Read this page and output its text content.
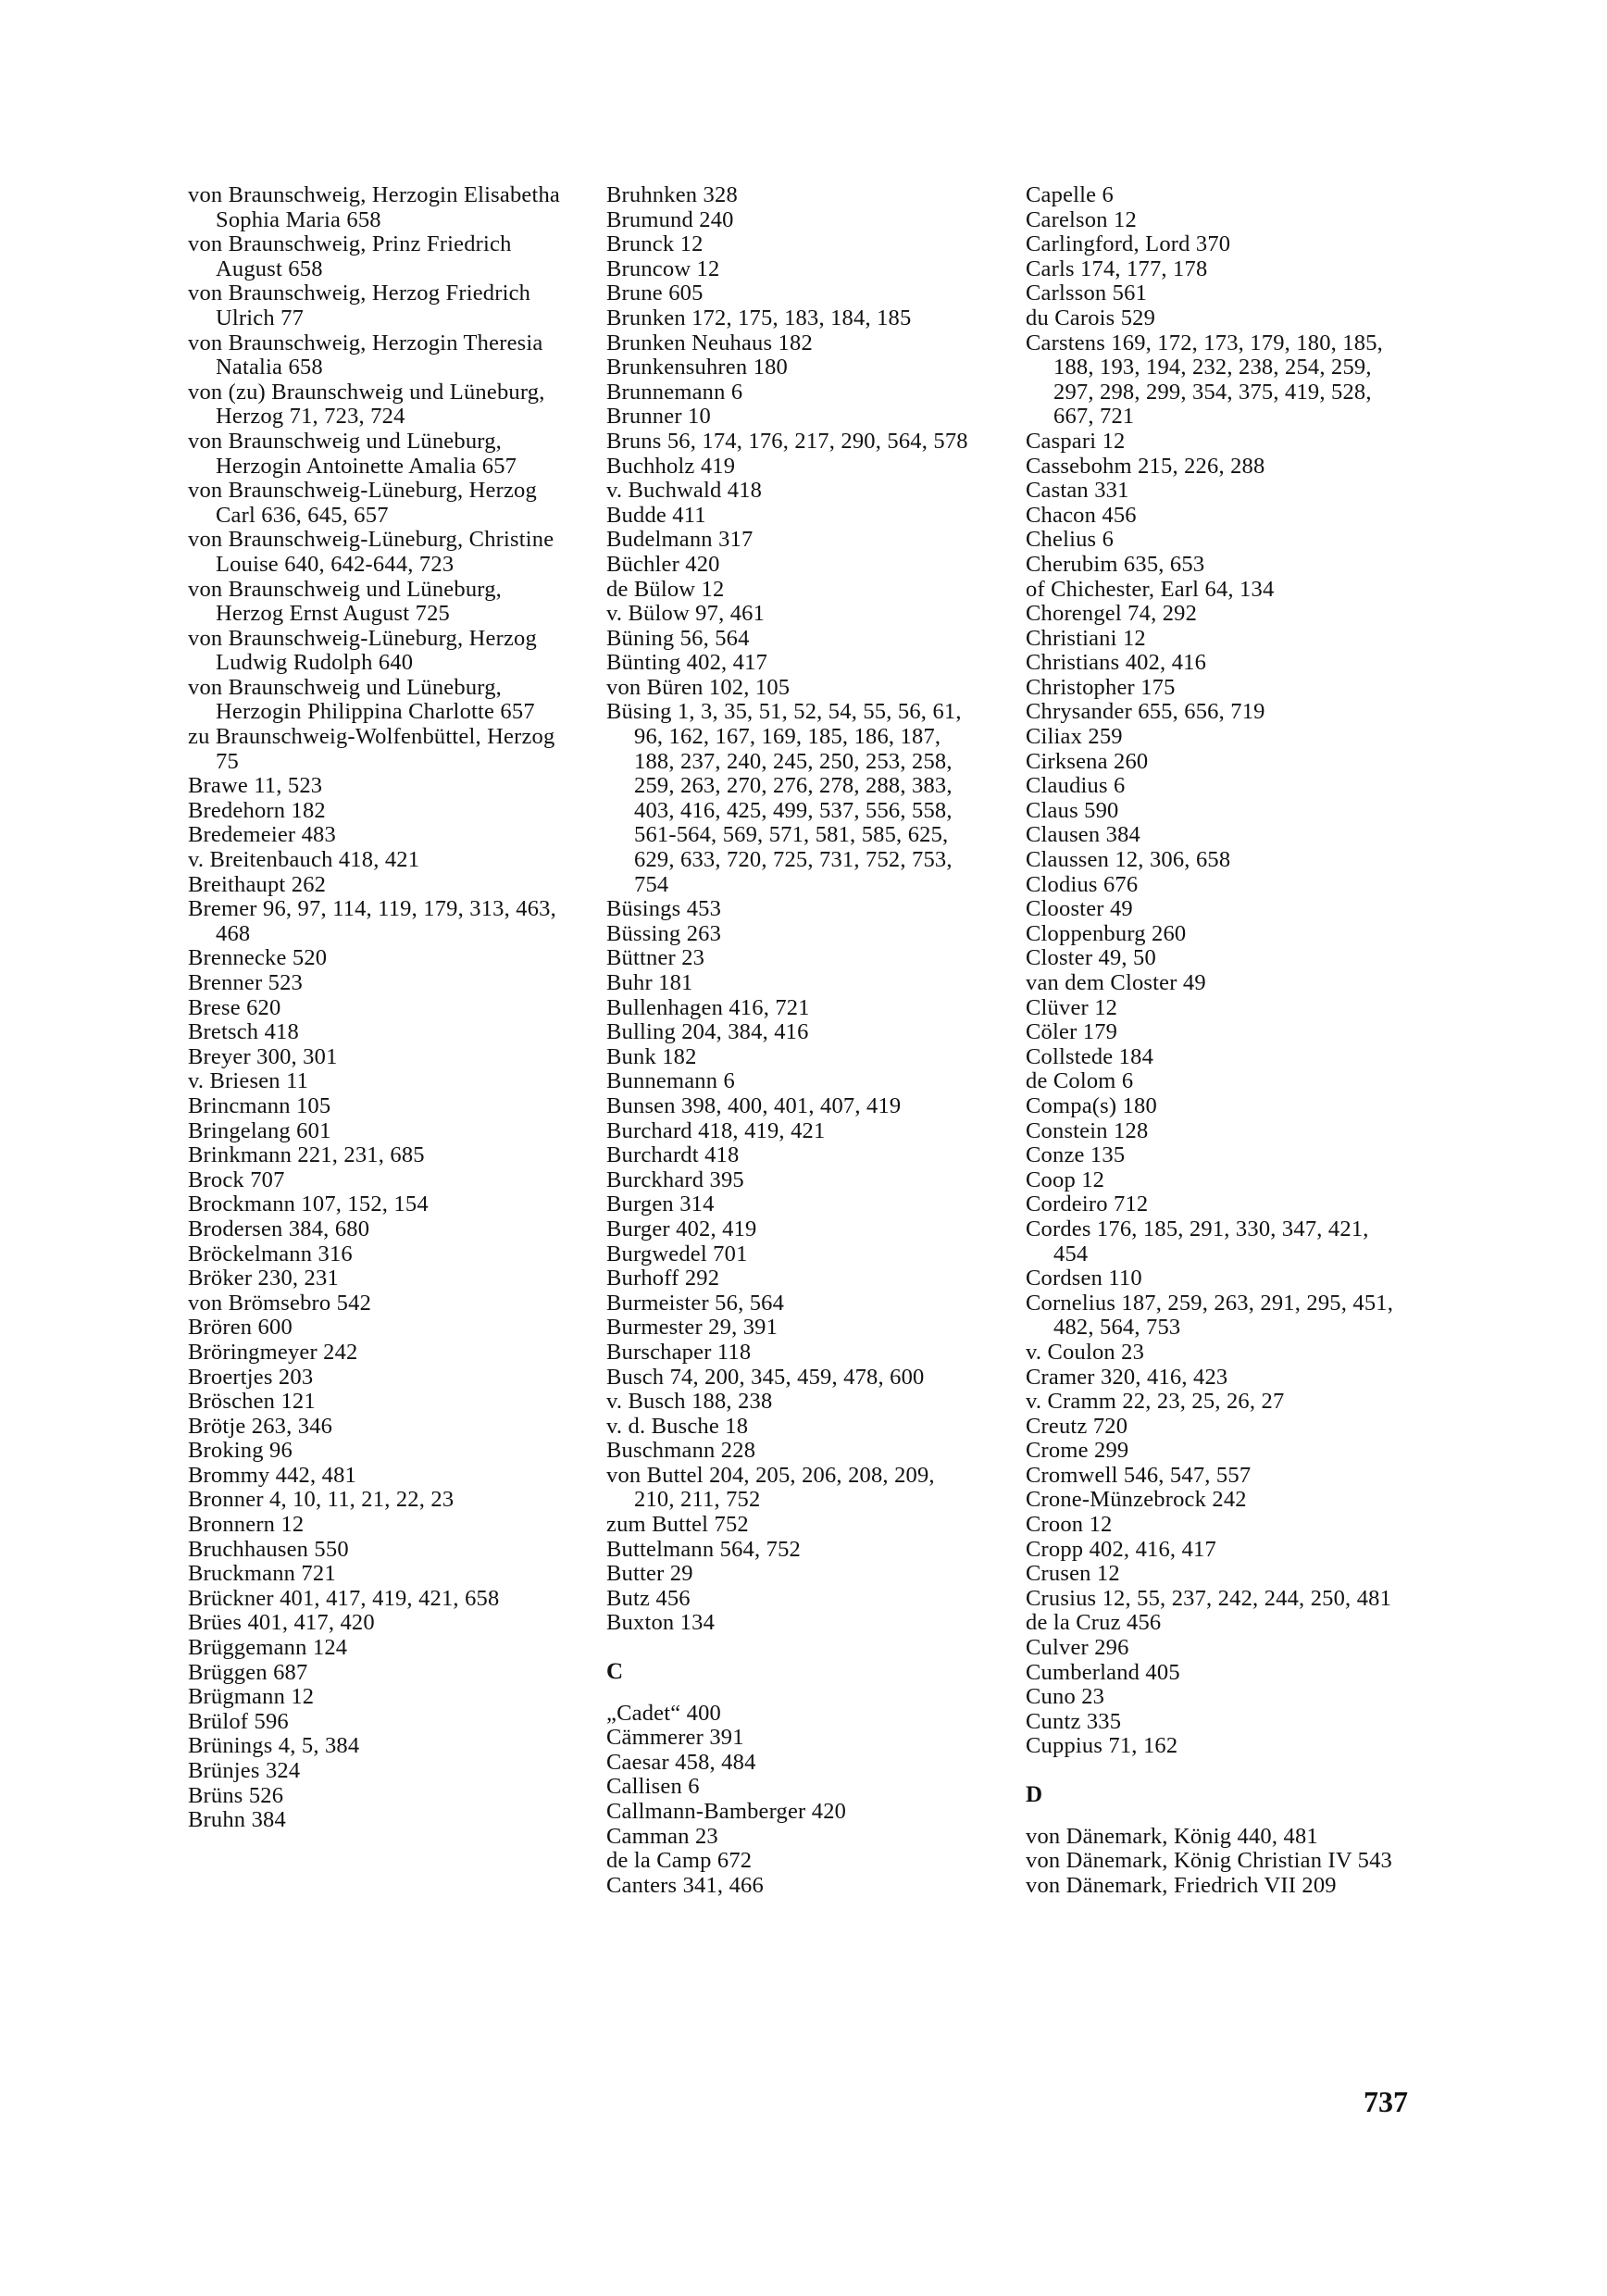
von Braunschweig, Herzogin Elisabetha Sophia Maria 658
von Braunschweig, Prinz Friedrich August 658
von Braunschweig, Herzog Friedrich Ulrich 77
von Braunschweig, Herzogin Theresia Natalia 658
von (zu) Braunschweig und Lüneburg, Herzog 71, 723, 724
von Braunschweig und Lüneburg, Herzogin Antoinette Amalia 657
von Braunschweig-Lüneburg, Herzog Carl 636, 645, 657
von Braunschweig-Lüneburg, Christine Louise 640, 642-644, 723
von Braunschweig und Lüneburg, Herzog Ernst August 725
von Braunschweig-Lüneburg, Herzog Ludwig Rudolph 640
von Braunschweig und Lüneburg, Herzogin Philippina Charlotte 657
zu Braunschweig-Wolfenbüttel, Herzog 75
Brawe 11, 523
Bredehorn 182
Bredemeier 483
v. Breitenbauch 418, 421
Breithaupt 262
Bremer 96, 97, 114, 119, 179, 313, 463, 468
Brennecke 520
Brenner 523
Brese 620
Bretsch 418
Breyer 300, 301
v. Briesen 11
Brincmann 105
Bringelang 601
Brinkmann 221, 231, 685
Brock 707
Brockmann 107, 152, 154
Brodersen 384, 680
Bröckelmann 316
Bröker 230, 231
von Brömsebro 542
Brören 600
Bröringmeyer 242
Broertjes 203
Bröschen 121
Brötje 263, 346
Broking 96
Brommy 442, 481
Bronner 4, 10, 11, 21, 22, 23
Bronnern 12
Bruchhausen 550
Bruckmann 721
Brückner 401, 417, 419, 421, 658
Brües 401, 417, 420
Brüggemann 124
Brüggen 687
Brügmann 12
Brülof 596
Brünings 4, 5, 384
Brünjes 324
Brüns 526
Bruhn 384
Bruhnken 328
Brumund 240
Brunck 12
Bruncow 12
Brune 605
Brunken 172, 175, 183, 184, 185
Brunken Neuhaus 182
Brunkensuhren 180
Brunnemann 6
Brunner 10
Bruns 56, 174, 176, 217, 290, 564, 578
Buchholz 419
v. Buchwald 418
Budde 411
Budelmann 317
Büchler 420
de Bülow 12
v. Bülow 97, 461
Büning 56, 564
Bünting 402, 417
von Büren 102, 105
Büsing 1, 3, 35, 51, 52, 54, 55, 56, 61, 96, 162, 167, 169, 185, 186, 187, 188, 237, 240, 245, 250, 253, 258, 259, 263, 270, 276, 278, 288, 383, 403, 416, 425, 499, 537, 556, 558, 561-564, 569, 571, 581, 585, 625, 629, 633, 720, 725, 731, 752, 753, 754
Büsings 453
Büssing 263
Büttner 23
Buhr 181
Bullenhagen 416, 721
Bulling 204, 384, 416
Bunk 182
Bunnemann 6
Bunsen 398, 400, 401, 407, 419
Burchard 418, 419, 421
Burchardt 418
Burckhard 395
Burgen 314
Burger 402, 419
Burgwedel 701
Burhoff 292
Burmeister 56, 564
Burmester 29, 391
Burschaper 118
Busch 74, 200, 345, 459, 478, 600
v. Busch 188, 238
v. d. Busche 18
Buschmann 228
von Buttel 204, 205, 206, 208, 209, 210, 211, 752
zum Buttel 752
Buttelmann 564, 752
Butter 29
Butz 456
Buxton 134
C
„Cadet“ 400
Cämmerer 391
Caesar 458, 484
Callisen 6
Callmann-Bamberger 420
Camman 23
de la Camp 672
Canters 341, 466
Capelle 6
Carelson 12
Carlingford, Lord 370
Carls 174, 177, 178
Carlsson 561
du Carois 529
Carstens 169, 172, 173, 179, 180, 185, 188, 193, 194, 232, 238, 254, 259, 297, 298, 299, 354, 375, 419, 528, 667, 721
Caspari 12
Cassebohm 215, 226, 288
Castan 331
Chacon 456
Chelius 6
Cherubim 635, 653
of Chichester, Earl 64, 134
Chorengel 74, 292
Christiani 12
Christians 402, 416
Christopher 175
Chrysander 655, 656, 719
Ciliax 259
Cirksena 260
Claudius 6
Claus 590
Clausen 384
Claussen 12, 306, 658
Clodius 676
Clooster 49
Cloppenburg 260
Closter 49, 50
van dem Closter 49
Clüver 12
Cöler 179
Collstede 184
de Colom 6
Compa(s) 180
Constein 128
Conze 135
Coop 12
Cordeiro 712
Cordes 176, 185, 291, 330, 347, 421, 454
Cordsen 110
Cornelius 187, 259, 263, 291, 295, 451, 482, 564, 753
v. Coulon 23
Cramer 320, 416, 423
v. Cramm 22, 23, 25, 26, 27
Creutz 720
Crome 299
Cromwell 546, 547, 557
Crone-Münzebrock 242
Croon 12
Cropp 402, 416, 417
Crusen 12
Crusius 12, 55, 237, 242, 244, 250, 481
de la Cruz 456
Culver 296
Cumberland 405
Cuno 23
Cuntz 335
Cuppius 71, 162
D
von Dänemark, König 440, 481
von Dänemark, König Christian IV 543
von Dänemark, Friedrich VII 209
737
